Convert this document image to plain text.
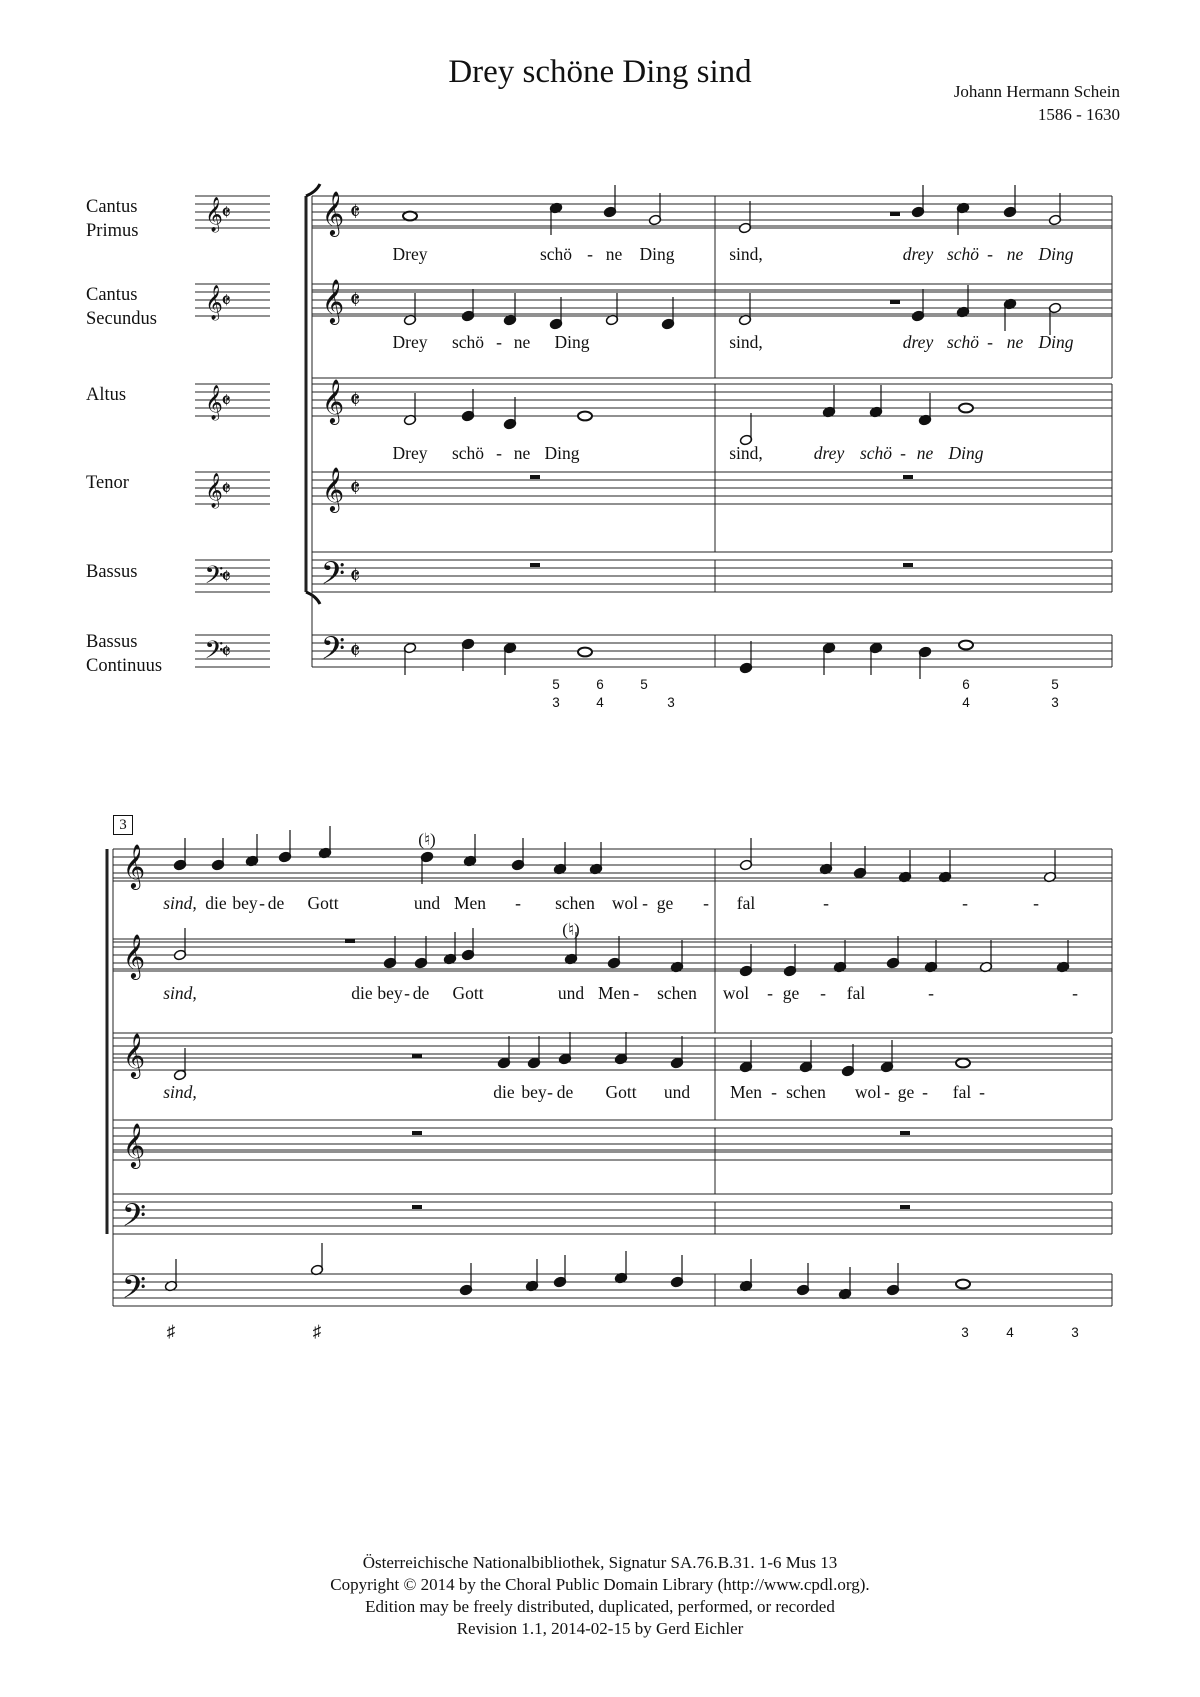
Drey schöne Ding sind
Johann Hermann Schein
1586 - 1630
Cantus
Primus
Cantus
Secundus
Altus
Tenor
Bassus
Bassus
Continuus
𝄞
𝄵 𝄞 𝄵
𝄞
𝄵 𝄞 𝄵
𝄞
𝄵 𝄞 𝄵
𝄞
𝄵 𝄞 𝄵
𝄢
𝄵 𝄢 𝄵
𝄢
𝄵 𝄢 𝄵
𝄞
𝄞
𝄞
𝄞
𝄢
𝄢
Drey	schö - ne Ding	sind,	drey schö - ne Ding
Drey schö - ne Ding	sind,	drey schö - ne Ding
Drey schö - ne Ding	sind,	drey schö - ne Ding
5
3
6
4
5
3
6
4
5
3
3
(♮)
(♮)
sind, die bey - de Gott	und Men - schen wol - ge - fal	-	-	-
sind,	die bey - de Gott	und Men - schen wol - ge - fal	-	-
sind,	die bey - de Gott und Men - schen wol - ge - fal -
♯	♯	3	4	3
Österreichische Nationalbibliothek, Signatur SA.76.B.31. 1-6 Mus 13
Copyright © 2014 by the Choral Public Domain Library (http://www.cpdl.org).
Edition may be freely distributed, duplicated, performed, or recorded
Revision 1.1, 2014-02-15 by Gerd Eichler
